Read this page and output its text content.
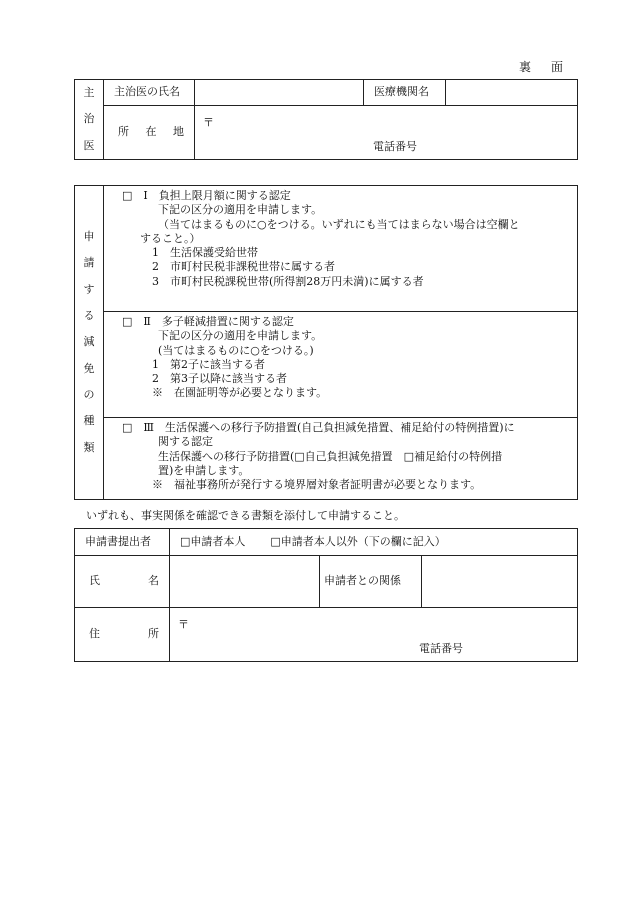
裏　面
主
治
医	主治医の氏名		医療機関名	

	所 在 地	〒
電話番号		
申
請
す
る
減
免
の
種
類

□　Ⅰ　負担上限月額に関する認定
下記の区分の適用を申請します。
（当てはまるものに○をつける。いずれにも当てはまらない場合は空欄と
すること。）
1　生活保護受給世帯
2　市町村民税非課税世帯に属する者
3　市町村民税課税世帯(所得割28万円未満)に属する者

□　Ⅱ　多子軽減措置に関する認定
下記の区分の適用を申請します。
(当てはまるものに○をつける。)
1　第2子に該当する者
2　第3子以降に該当する者
※　在園証明等が必要となります。

□　Ⅲ　生活保護への移行予防措置(自己負担減免措置、補足給付の特例措置)に
関する認定
生活保護への移行予防措置(□自己負担減免措置　□補足給付の特例措
置)を申請します。
※　福祉事務所が発行する境界層対象者証明書が必要となります。
いずれも、事実関係を確認できる書類を添付して申請すること。
申請書提出者	□申請者本人 □申請者本人以外（下の欄に記入）		

氏 名		申請者との関係	

住 所	〒
電話番号		
